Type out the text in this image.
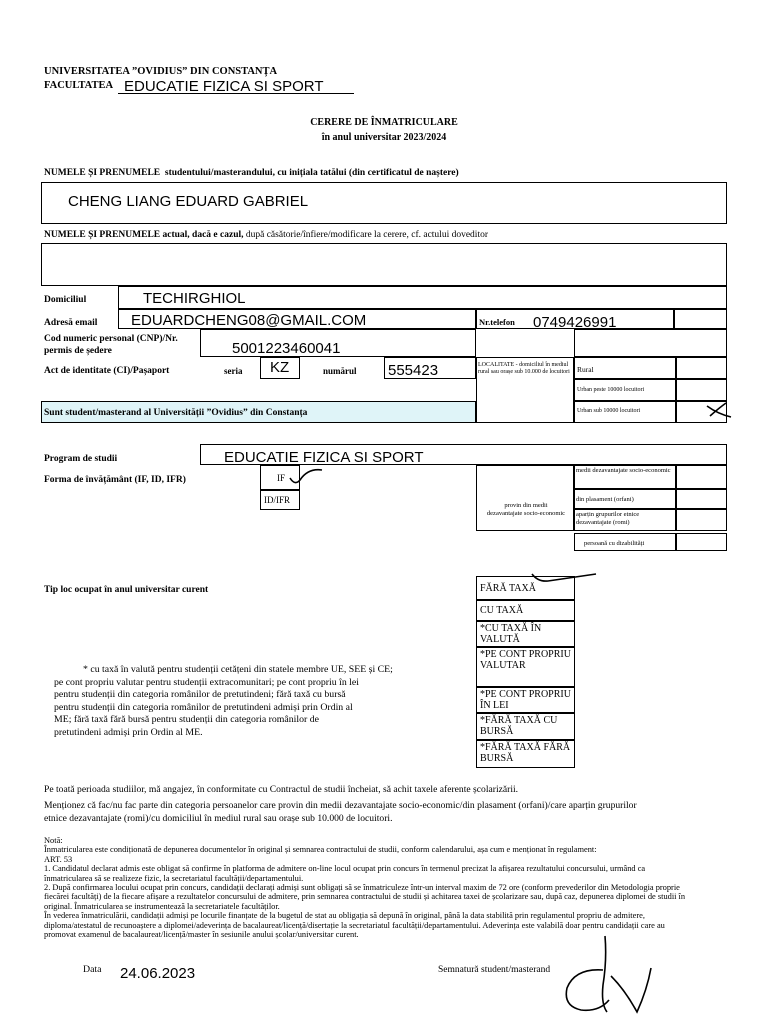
UNIVERSITATEA ”OVIDIUS” DIN CONSTANȚA
FACULTATEA EDUCATIE FIZICA SI SPORT
CERERE DE ÎNMATRICULARE
în anul universitar 2023/2024
NUMELE ȘI PRENUMELE studentului/masterandului, cu inițiala tatălui (din certificatul de naștere)
CHENG LIANG EDUARD GABRIEL
NUMELE ȘI PRENUMELE actual, dacă e cazul, după căsătorie/înfiere/modificare la cerere, cf. actului doveditor
Domiciliul	TECHIRGHIOL
Adresă email EDUARDCHENG08@GMAIL.COM	Nr.telefon 0749426991
Cod numeric personal (CNP)/Nr.
permis de ședere	5001223460041
Act de identitate (CI)/Pașaport	seria KZ	numărul 555423	LOCALITATE - domiciliul în mediul rural sau orașe sub 10.000 de locuitori Rural
Urban peste 10000 locuitori
Urban sub 10000 locuitori
Sunt student/masterand al Universității ”Ovidius” din Constanța
Program de studii	EDUCATIE FIZICA SI SPORT
Forma de învățământ (IF, ID, IFR)	IF
ID/IFR
provin din medii dezavantajate socio-economic
medii dezavantajate socio-economic
din plasament (orfani)
aparțin grupurilor etnice dezavantajate (romi)
persoană cu dizabilități
Tip loc ocupat în anul universitar curent	FĂRĂ TAXĂ
CU TAXĂ
*CU TAXĂ ÎN VALUTĂ
*PE CONT PROPRIU VALUTAR
*PE CONT PROPRIU ÎN LEI
*FĂRĂ TAXĂ CU BURSĂ
*FĂRĂ TAXĂ FĂRĂ BURSĂ
* cu taxă în valută pentru studenții cetățeni din statele membre UE, SEE și CE;
pe cont propriu valutar pentru studenții extracomunitari; pe cont propriu în lei
pentru studenții din categoria românilor de pretutindeni; fără taxă cu bursă
pentru studenții din categoria românilor de pretutindeni admiși prin Ordin al
ME; fără taxă fără bursă pentru studenții din categoria românilor de
pretutindeni admiși prin Ordin al ME.
Pe toată perioada studiilor, mă angajez, în conformitate cu Contractul de studii încheiat, să achit taxele aferente școlarizării.
Menționez că fac/nu fac parte din categoria persoanelor care provin din medii dezavantajate socio-economic/din plasament (orfani)/care aparțin grupurilor
etnice dezavantajate (romi)/cu domiciliul în mediul rural sau orașe sub 10.000 de locuitori.
Notă:
Înmatricularea este condiționată de depunerea documentelor în original și semnarea contractului de studii, conform calendarului, așa cum e menționat în regulament:
ART. 53
1. Candidatul declarat admis este obligat să confirme în platforma de admitere on-line locul ocupat prin concurs în termenul precizat la afișarea rezultatului concursului, urmând ca
înmatricularea să se realizeze fizic, la secretariatul facultății/departamentului.
2. După confirmarea locului ocupat prin concurs, candidații declarați admiși sunt obligați să se înmatriculeze într-un interval maxim de 72 ore (conform prevederilor din Metodologia proprie
fiecărei facultăți) de la fiecare afișare a rezultatelor concursului de admitere, prin semnarea contractului de studii și achitarea taxei de școlarizare sau, după caz, depunerea diplomei de studii în
original. Înmatricularea se instrumentează la secretariatele facultăților.
În vederea înmatriculării, candidații admiși pe locurile finanțate de la bugetul de stat au obligația să depună în original, până la data stabilită prin regulamentul propriu de admitere,
diploma/atestatul de recunoaștere a diplomei/adeverința de bacalaureat/licență/disertație la secretariatul facultății/departamentului. Adeverința este valabilă doar pentru candidații care au
promovat examenul de bacalaureat/licență/master în sesiunile anului școlar/universitar curent.
Data 24.06.2023	Semnatură student/masterand
